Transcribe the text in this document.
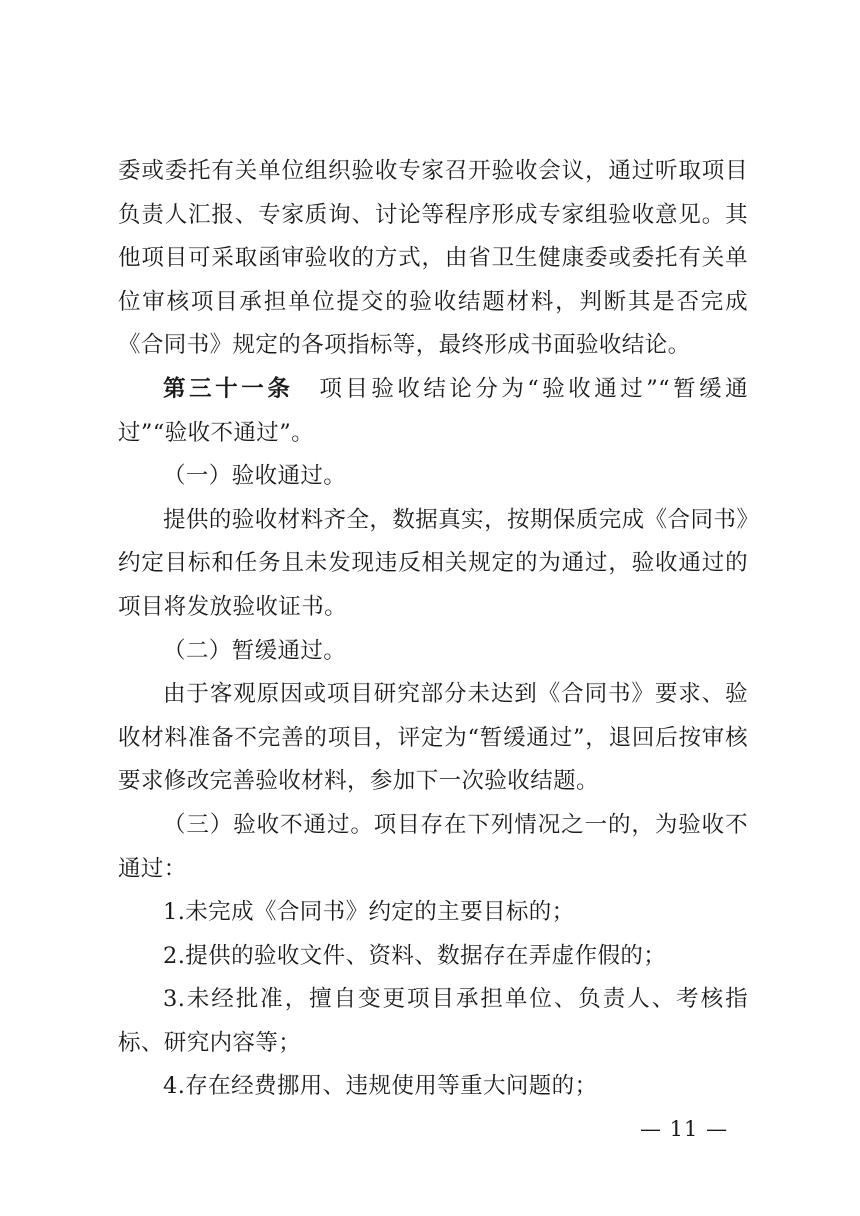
委或委托有关单位组织验收专家召开验收会议，通过听取项目负责人汇报、专家质询、讨论等程序形成专家组验收意见。其他项目可采取函审验收的方式，由省卫生健康委或委托有关单位审核项目承担单位提交的验收结题材料，判断其是否完成《合同书》规定的各项指标等，最终形成书面验收结论。

第三十一条　项目验收结论分为“验收通过”“暂缓通过”“验收不通过”。

（一）验收通过。

提供的验收材料齐全，数据真实，按期保质完成《合同书》约定目标和任务且未发现违反相关规定的为通过，验收通过的项目将发放验收证书。

（二）暂缓通过。

由于客观原因或项目研究部分未达到《合同书》要求、验收材料准备不完善的项目，评定为“暂缓通过”，退回后按审核要求修改完善验收材料，参加下一次验收结题。

（三）验收不通过。项目存在下列情况之一的，为验收不通过：

1.未完成《合同书》约定的主要目标的；

2.提供的验收文件、资料、数据存在弄虚作假的；

3.未经批准，擅自变更项目承担单位、负责人、考核指标、研究内容等；

4.存在经费挪用、违规使用等重大问题的；

— 11 —
